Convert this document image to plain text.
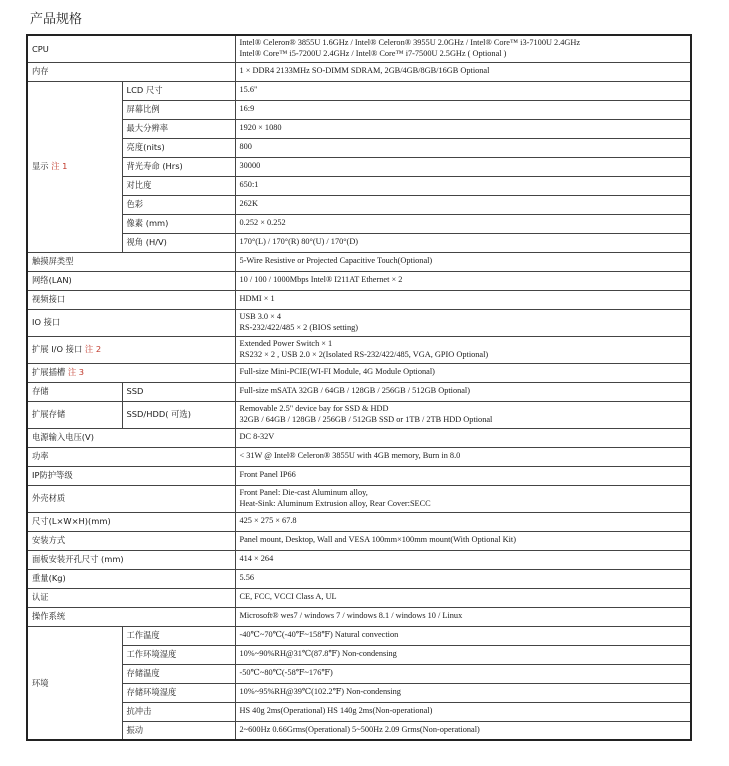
产品规格
CPU		Intel® Celeron® 3855U 1.6GHz / Intel® Celeron® 3955U 2.0GHz / Intel® Core™ i3-7100U 2.4GHz
Intel® Core™ i5-7200U 2.4GHz / Intel® Core™ i7-7500U 2.5GHz ( Optional )

内存		1 × DDR4 2133MHz SO-DIMM SDRAM, 2GB/4GB/8GB/16GB Optional
显示 注 1	LCD 尺寸	15.6"
	屏幕比例	16:9
	最大分辨率	1920 × 1080
	亮度(nits)	800
	背光寿命 (Hrs)	30000
	对比度	650:1
	色彩	262K
	像素 (mm)	0.252 × 0.252
	视角 (H/V)	170°(L) / 170°(R) 80°(U) / 170°(D)
触摸屏类型		5-Wire Resistive or Projected Capacitive Touch(Optional)
网络(LAN)		10 / 100 / 1000Mbps Intel® I211AT Ethernet × 2
视频接口		HDMI × 1
IO 接口		USB 3.0 × 4
RS-232/422/485 × 2 (BIOS setting)

扩展 I/O 接口 注 2		Extended Power Switch × 1
RS232 × 2 , USB 2.0 × 2(Isolated RS-232/422/485, VGA, GPIO Optional)

扩展插槽 注 3		Full-size Mini-PCIE(WI-FI Module, 4G Module Optional)
存储	SSD	Full-size mSATA 32GB / 64GB / 128GB / 256GB / 512GB Optional)
扩展存储	SSD/HDD( 可选)	Removable 2.5" device bay for SSD & HDD
32GB / 64GB / 128GB / 256GB / 512GB SSD or 1TB / 2TB HDD Optional

电源输入电压(V)		DC 8-32V
功率		< 31W @ Intel® Celeron® 3855U with 4GB memory, Burn in 8.0
IP防护等级		Front Panel IP66
外壳材质		Front Panel: Die-cast Aluminum alloy,
Heat-Sink: Aluminum Extrusion alloy, Rear Cover:SECC

尺寸(L×W×H)(mm)		425 × 275 × 67.8
安装方式		Panel mount, Desktop, Wall and VESA 100mm×100mm mount(With Optional Kit)
面板安装开孔尺寸 (mm)		414 × 264
重量(Kg)		5.56
认证		CE, FCC, VCCI Class A, UL
操作系统		Microsoft® wes7 / windows 7 / windows 8.1 / windows 10 / Linux
环境	工作温度	-40℃~70℃(-40℉~158℉) Natural convection
	工作环境湿度	10%~90%RH@31℃(87.8℉) Non-condensing
	存储温度	-50℃~80℃(-58℉~176℉)
	存储环境湿度	10%~95%RH@39℃(102.2℉) Non-condensing
	抗冲击	HS 40g 2ms(Operational) HS 140g 2ms(Non-operational)
	振动	2~600Hz 0.66Grms(Operational) 5~500Hz 2.09 Grms(Non-operational)
